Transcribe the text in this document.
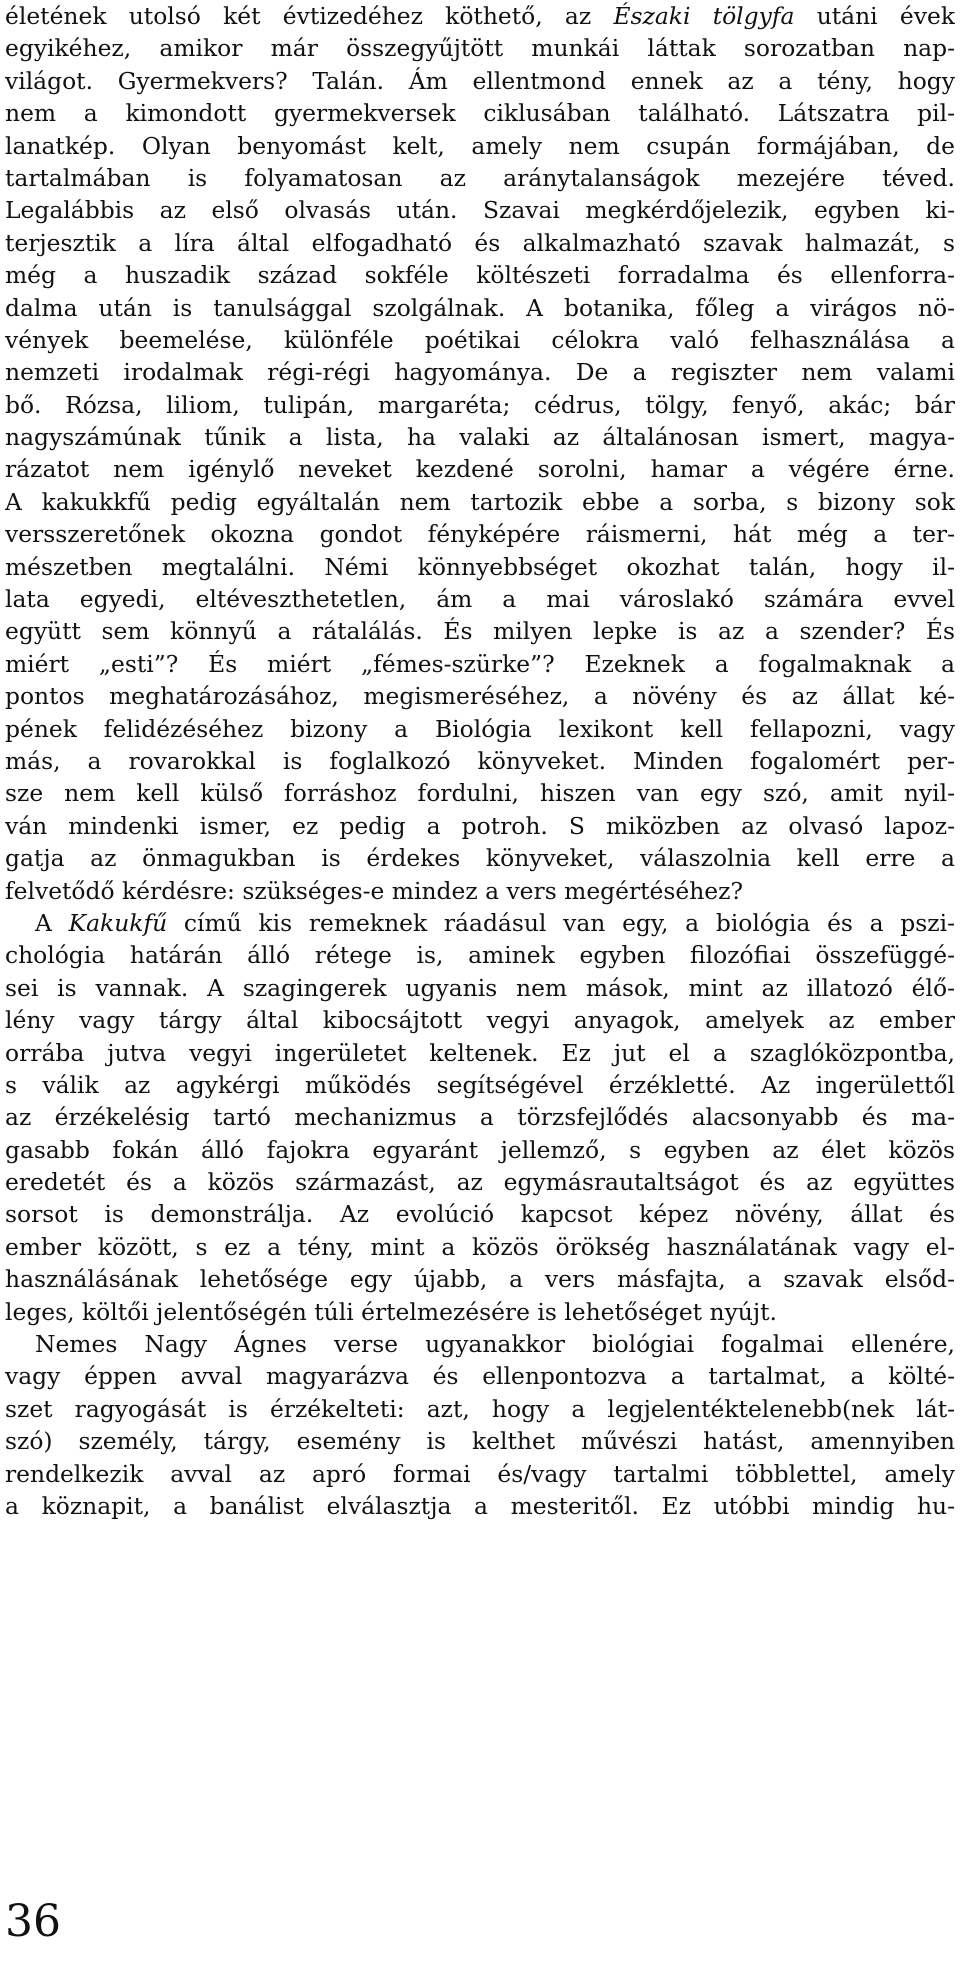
életének utolsó két évtizedéhez köthető, az Északi tölgyfa utáni évek
egyikéhez, amikor már összegyűjtött munkái láttak sorozatban nap-
világot. Gyermekvers? Talán. Ám ellentmond ennek az a tény, hogy
nem a kimondott gyermekversek ciklusában található. Látszatra pil-
lanatkép. Olyan benyomást kelt, amely nem csupán formájában, de
tartalmában is folyamatosan az aránytalanságok mezejére téved.
Legalábbis az első olvasás után. Szavai megkérdőjelezik, egyben ki-
terjesztik a líra által elfogadható és alkalmazható szavak halmazát, s
még a huszadik század sokféle költészeti forradalma és ellenforra-
dalma után is tanulsággal szolgálnak. A botanika, főleg a virágos nö-
vények beemelése, különféle poétikai célokra való felhasználása a
nemzeti irodalmak régi-régi hagyománya. De a regiszter nem valami
bő. Rózsa, liliom, tulipán, margaréta; cédrus, tölgy, fenyő, akác; bár
nagyszámúnak tűnik a lista, ha valaki az általánosan ismert, magya-
rázatot nem igénylő neveket kezdené sorolni, hamar a végére érne.
A kakukkfű pedig egyáltalán nem tartozik ebbe a sorba, s bizony sok
versszeretőnek okozna gondot fényképére ráismerni, hát még a ter-
mészetben megtalálni. Némi könnyebbséget okozhat talán, hogy il-
lata egyedi, eltéveszthetetlen, ám a mai városlakó számára evvel
együtt sem könnyű a rátalálás. És milyen lepke is az a szender? És
miért „esti”? És miért „fémes-szürke”? Ezeknek a fogalmaknak a
pontos meghatározásához, megismeréséhez, a növény és az állat ké-
pének felidézéséhez bizony a Biológia lexikont kell fellapozni, vagy
más, a rovarokkal is foglalkozó könyveket. Minden fogalomért per-
sze nem kell külső forráshoz fordulni, hiszen van egy szó, amit nyil-
ván mindenki ismer, ez pedig a potroh. S miközben az olvasó lapoz-
gatja az önmagukban is érdekes könyveket, válaszolnia kell erre a
felvetődő kérdésre: szükséges-e mindez a vers megértéséhez?
A Kakukfű című kis remeknek ráadásul van egy, a biológia és a pszi-
chológia határán álló rétege is, aminek egyben filozófiai összefüggé-
sei is vannak. A szagingerek ugyanis nem mások, mint az illatozó élő-
lény vagy tárgy által kibocsájtott vegyi anyagok, amelyek az ember
orrába jutva vegyi ingerületet keltenek. Ez jut el a szaglóközpontba,
s válik az agykérgi működés segítségével érzékletté. Az ingerülettől
az érzékelésig tartó mechanizmus a törzsfejlődés alacsonyabb és ma-
gasabb fokán álló fajokra egyaránt jellemző, s egyben az élet közös
eredetét és a közös származást, az egymásrautaltságot és az együttes
sorsot is demonstrálja. Az evolúció kapcsot képez növény, állat és
ember között, s ez a tény, mint a közös örökség használatának vagy el-
használásának lehetősége egy újabb, a vers másfajta, a szavak elsőd-
leges, költői jelentőségén túli értelmezésére is lehetőséget nyújt.
Nemes Nagy Ágnes verse ugyanakkor biológiai fogalmai ellenére,
vagy éppen avval magyarázva és ellenpontozva a tartalmat, a költé-
szet ragyogását is érzékelteti: azt, hogy a legjelentéktelenebb(nek lát-
szó) személy, tárgy, esemény is kelthet művészi hatást, amennyiben
rendelkezik avval az apró formai és/vagy tartalmi többlettel, amely
a köznapit, a banálist elválasztja a mesteritől. Ez utóbbi mindig hu-
36
